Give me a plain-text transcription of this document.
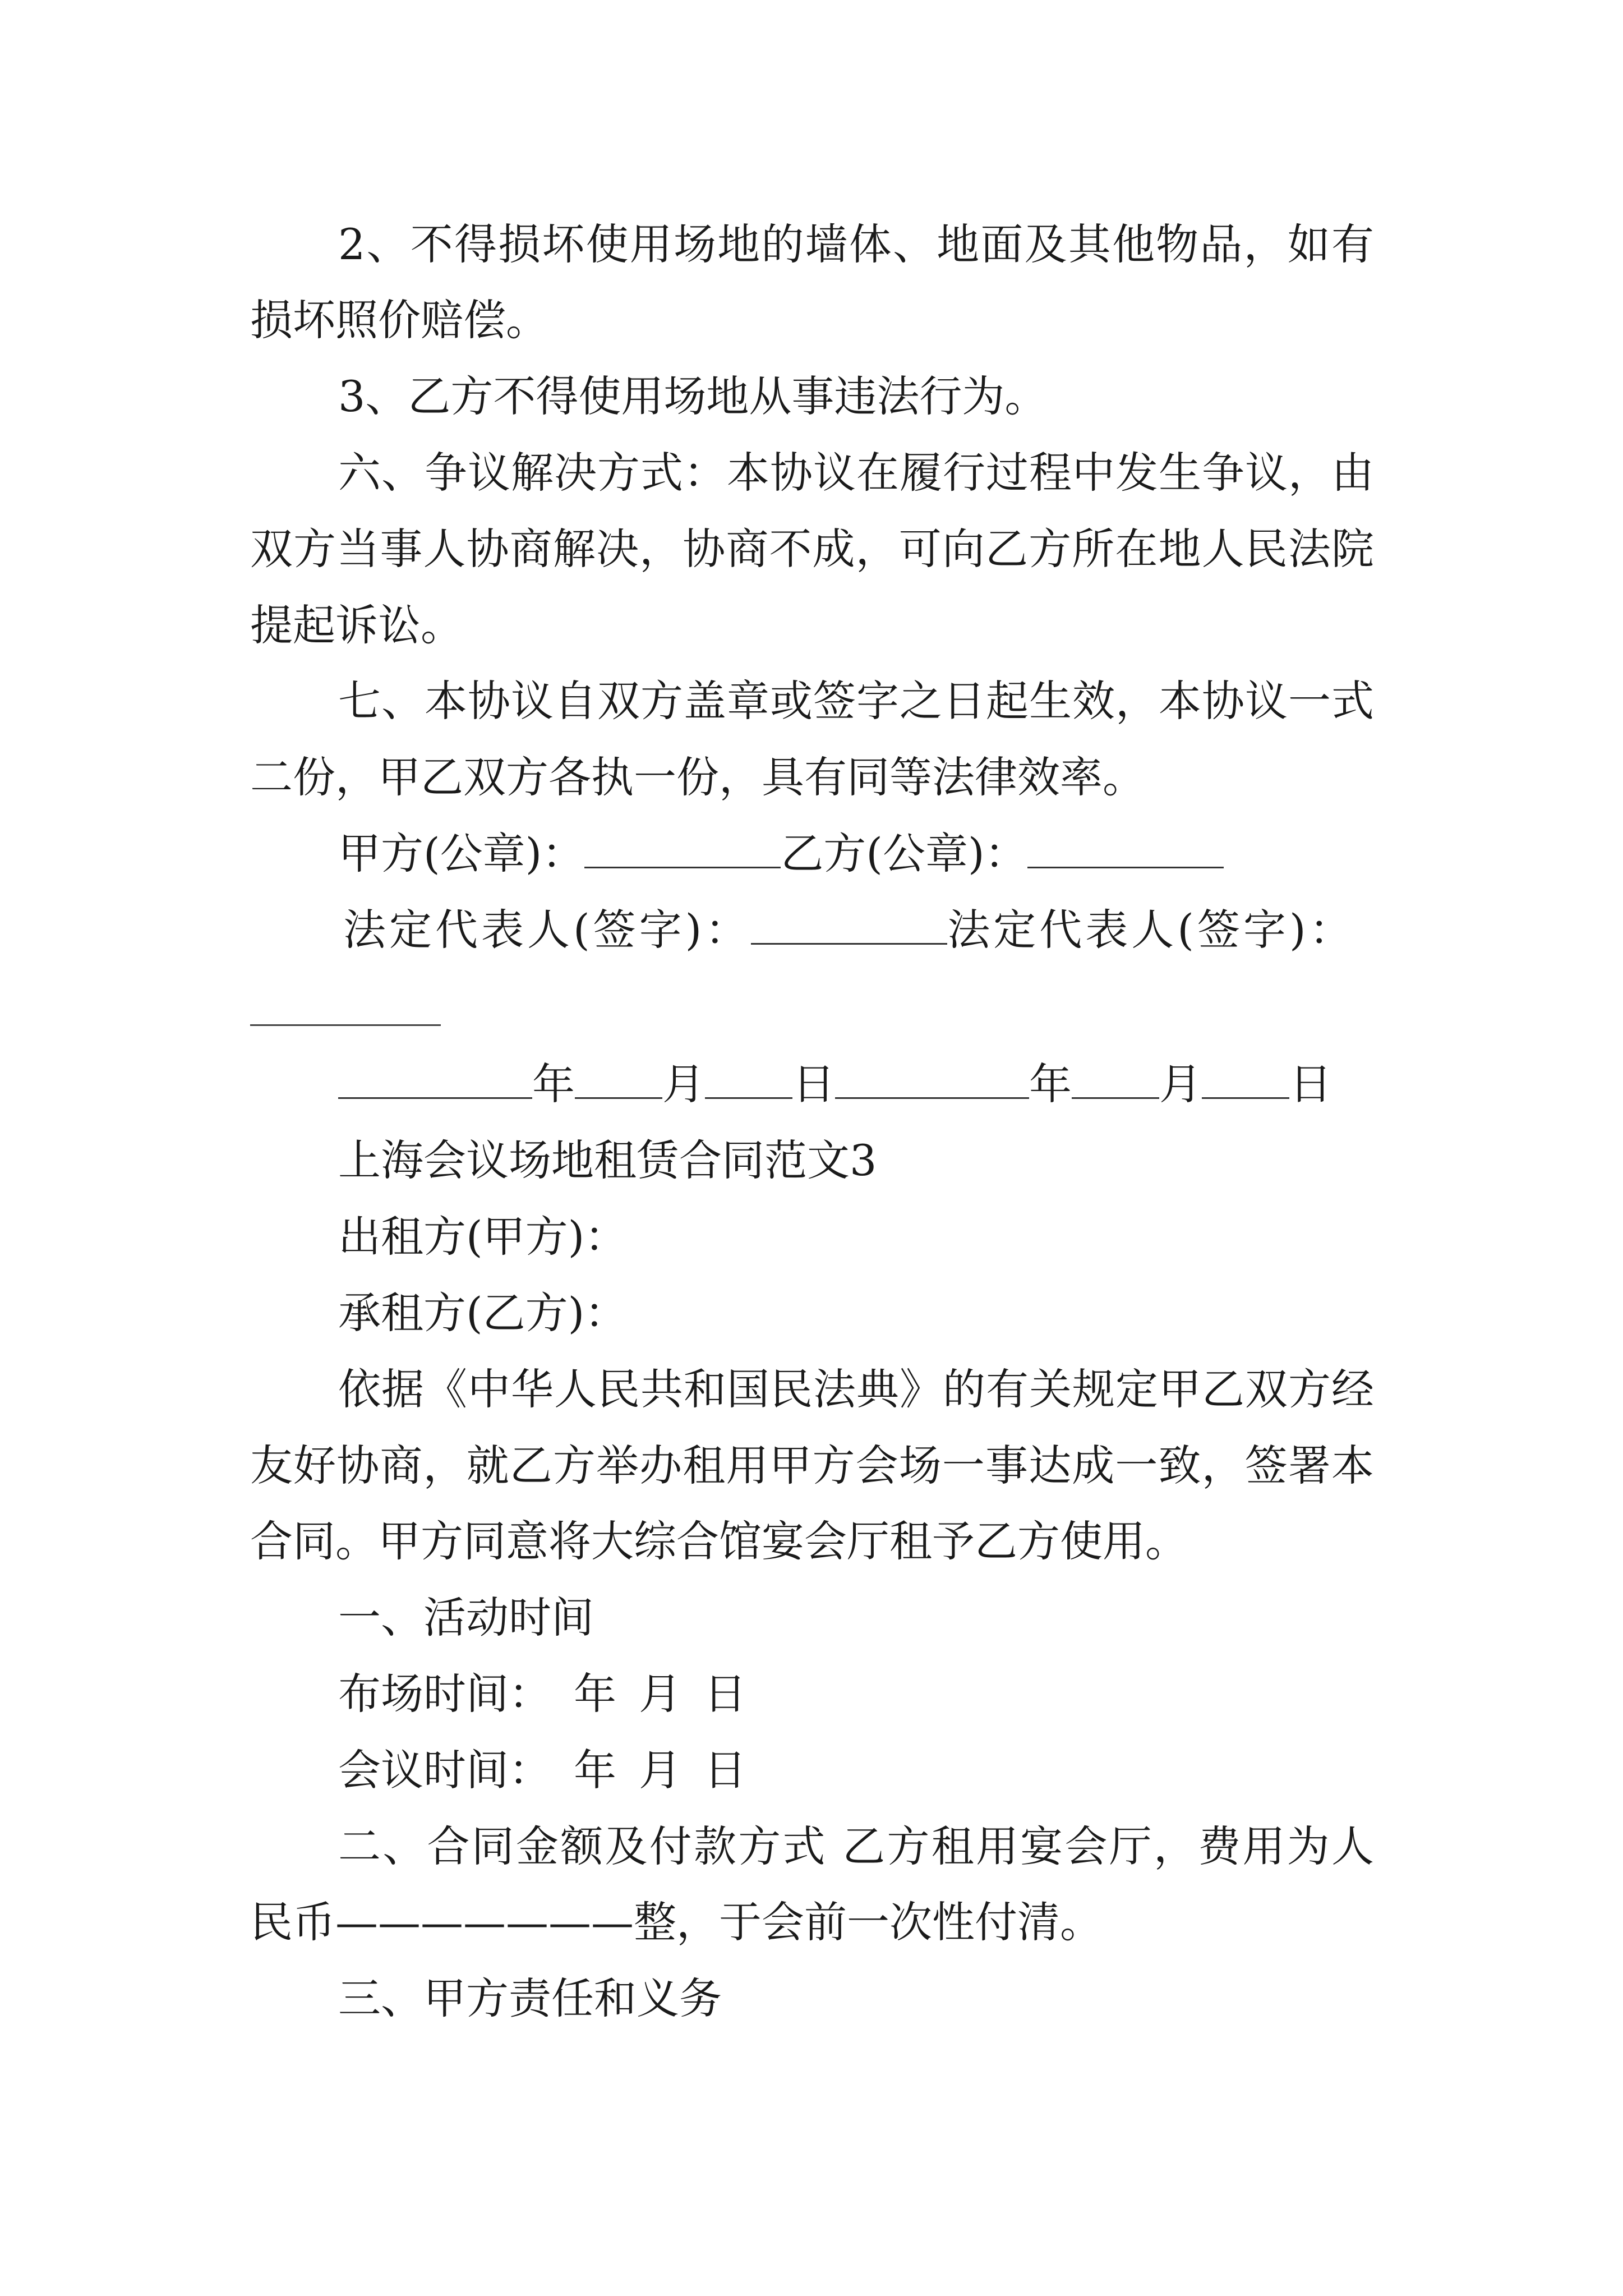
2、不得损坏使用场地的墙体、地面及其他物品，如有
损坏照价赔偿。
3、乙方不得使用场地从事违法行为。
六、争议解决方式：本协议在履行过程中发生争议，由
双方当事人协商解决，协商不成，可向乙方所在地人民法院
提起诉讼。
七、本协议自双方盖章或签字之日起生效，本协议一式
二份，甲乙双方各执一份，具有同等法律效率。
甲方(公章)：	乙方(公章)：
法定代表人(签字)：	法定代表人(签字)：
年 月 日	年 月 日
上海会议场地租赁合同范文3
出租方(甲方)：
承租方(乙方)：
依据《中华人民共和国民法典》的有关规定甲乙双方经
友好协商，就乙方举办租用甲方会场一事达成一致，签署本
合同。甲方同意将大综合馆宴会厅租予乙方使用。
一、活动时间
布场时间： 年 月 日
会议时间： 年 月 日
二、合同金额及付款方式 乙方租用宴会厅，费用为人
民币———————整，于会前一次性付清。
三、甲方责任和义务
